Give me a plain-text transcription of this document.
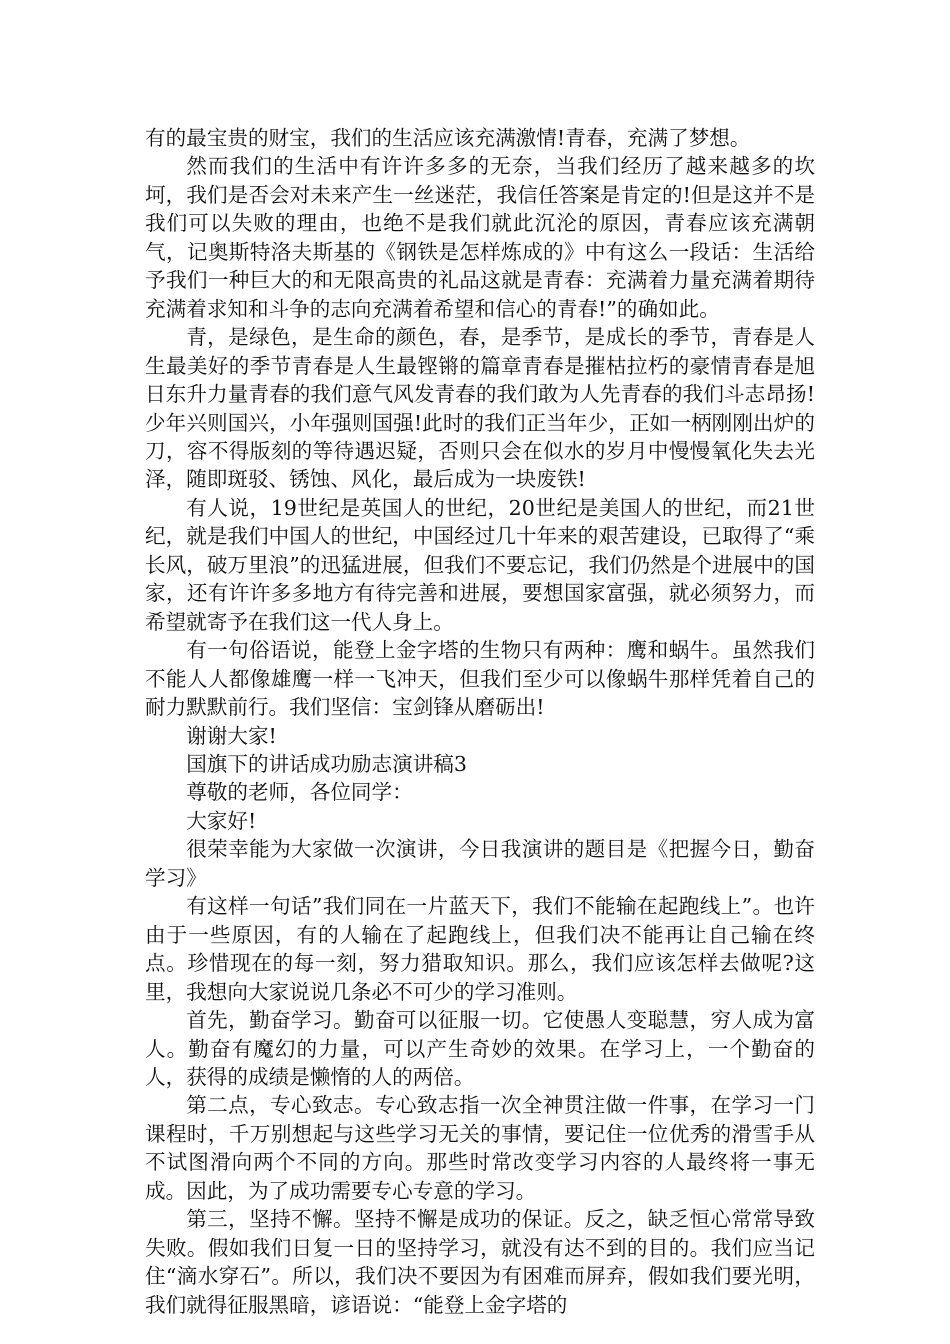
有的最宝贵的财宝，我们的生活应该充满激情!青春，充满了梦想。

然而我们的生活中有许许多多的无奈，当我们经历了越来越多的坎坷，我们是否会对未来产生一丝迷茫，我信任答案是肯定的!但是这并不是我们可以失败的理由，也绝不是我们就此沉沦的原因，青春应该充满朝气，记奥斯特洛夫斯基的《钢铁是怎样炼成的》中有这么一段话：生活给予我们一种巨大的和无限高贵的礼品这就是青春：充满着力量充满着期待充满着求知和斗争的志向充满着希望和信心的青春!”的确如此。

青，是绿色，是生命的颜色，春，是季节，是成长的季节，青春是人生最美好的季节青春是人生最铿锵的篇章青春是摧枯拉朽的豪情青春是旭日东升力量青春的我们意气风发青春的我们敢为人先青春的我们斗志昂扬!少年兴则国兴，小年强则国强!此时的我们正当年少，正如一柄刚刚出炉的刀，容不得版刻的等待遇迟疑，否则只会在似水的岁月中慢慢氧化失去光泽，随即斑驳、锈蚀、风化，最后成为一块废铁!

有人说，19世纪是英国人的世纪，20世纪是美国人的世纪，而21世纪，就是我们中国人的世纪，中国经过几十年来的艰苦建设，已取得了“乘长风，破万里浪”的迅猛进展，但我们不要忘记，我们仍然是个进展中的国家，还有许许多多地方有待完善和进展，要想国家富强，就必须努力，而希望就寄予在我们这一代人身上。

有一句俗语说，能登上金字塔的生物只有两种：鹰和蜗牛。虽然我们不能人人都像雄鹰一样一飞冲天，但我们至少可以像蜗牛那样凭着自己的耐力默默前行。我们坚信：宝剑锋从磨砺出!

谢谢大家!

国旗下的讲话成功励志演讲稿3

尊敬的老师，各位同学：

大家好!

很荣幸能为大家做一次演讲，今日我演讲的题目是《把握今日，勤奋学习》

有这样一句话”我们同在一片蓝天下，我们不能输在起跑线上”。也许由于一些原因，有的人输在了起跑线上，但我们决不能再让自己输在终点。珍惜现在的每一刻，努力猎取知识。那么，我们应该怎样去做呢?这里，我想向大家说说几条必不可少的学习准则。

首先，勤奋学习。勤奋可以征服一切。它使愚人变聪慧，穷人成为富人。勤奋有魔幻的力量，可以产生奇妙的效果。在学习上，一个勤奋的人，获得的成绩是懒惰的人的两倍。

第二点，专心致志。专心致志指一次全神贯注做一件事，在学习一门课程时，千万别想起与这些学习无关的事情，要记住一位优秀的滑雪手从不试图滑向两个不同的方向。那些时常改变学习内容的人最终将一事无成。因此，为了成功需要专心专意的学习。

第三，坚持不懈。坚持不懈是成功的保证。反之，缺乏恒心常常导致失败。假如我们日复一日的坚持学习，就没有达不到的目的。我们应当记住“滴水穿石”。所以，我们决不要因为有困难而屏弃，假如我们要光明，我们就得征服黑暗，谚语说：“能登上金字塔的
